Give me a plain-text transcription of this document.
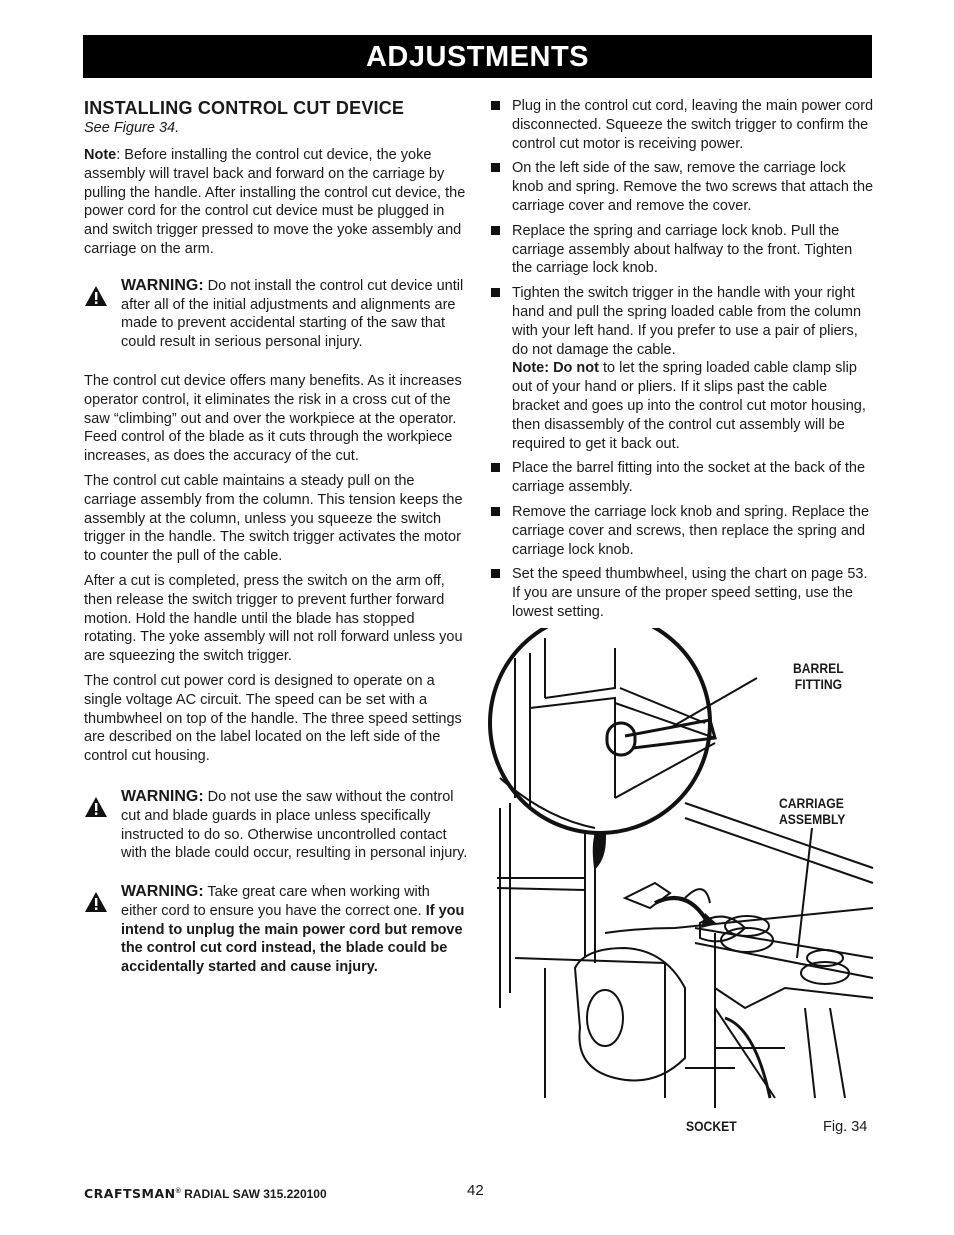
ADJUSTMENTS
INSTALLING CONTROL CUT DEVICE
See Figure 34.

Note: Before installing the control cut device, the yoke assembly will travel back and forward on the carriage by pulling the handle. After installing the control cut device, the power cord for the control cut device must be plugged in and switch trigger pressed to move the yoke assembly and carriage on the arm.

WARNING: Do not install the control cut device until after all of the initial adjustments and alignments are made to prevent accidental starting of the saw that could result in serious personal injury.

The control cut device offers many benefits. As it increases operator control, it eliminates the risk in a cross cut of the saw “climbing” out and over the workpiece at the operator. Feed control of the blade as it cuts through the workpiece increases, as does the accuracy of the cut.

The control cut cable maintains a steady pull on the carriage assembly from the column. This tension keeps the assembly at the column, unless you squeeze the switch trigger in the handle. The switch trigger activates the motor to counter the pull of the cable.

After a cut is completed, press the switch on the arm off, then release the switch trigger to prevent further forward motion. Hold the handle until the blade has stopped rotating. The yoke assembly will not roll forward unless you are squeezing the switch trigger.

The control cut power cord is designed to operate on a single voltage AC circuit. The speed can be set with a thumbwheel on top of the handle. The three speed settings are described on the label located on the left side of the control cut housing.

WARNING: Do not use the saw without the control cut and blade guards in place unless specifically instructed to do so. Otherwise uncontrolled contact with the blade could occur, resulting in personal injury.
WARNING: Take great care when working with either cord to ensure you have the correct one. If you intend to unplug the main power cord but remove the control cut cord instead, the blade could be accidentally started and cause injury.
Plug in the control cut cord, leaving the main power cord disconnected. Squeeze the switch trigger to confirm the control cut motor is receiving power.
On the left side of the saw, remove the carriage lock knob and spring. Remove the two screws that attach the carriage cover and remove the cover.
Replace the spring and carriage lock knob. Pull the carriage assembly about halfway to the front. Tighten the carriage lock knob.
Tighten the switch trigger in the handle with your right hand and pull the spring loaded cable from the column with your left hand. If you prefer to use a pair of pliers, do not damage the cable.
Note: Do not to let the spring loaded cable clamp slip out of your hand or pliers. If it slips past the cable bracket and goes up into the control cut motor housing, then disassembly of the control cut assembly will be required to get it back out.
Place the barrel fitting into the socket at the back of the carriage assembly.
Remove the carriage lock knob and spring. Replace the carriage cover and screws, then replace the spring and carriage lock knob.
Set the speed thumbwheel, using the chart on page 53. If you are unsure of the proper speed setting, use the lowest setting.
BARREL
FITTING
CARRIAGE
ASSEMBLY
SOCKET	Fig. 34
CRAFTSMAN® RADIAL SAW 315.220100	42
